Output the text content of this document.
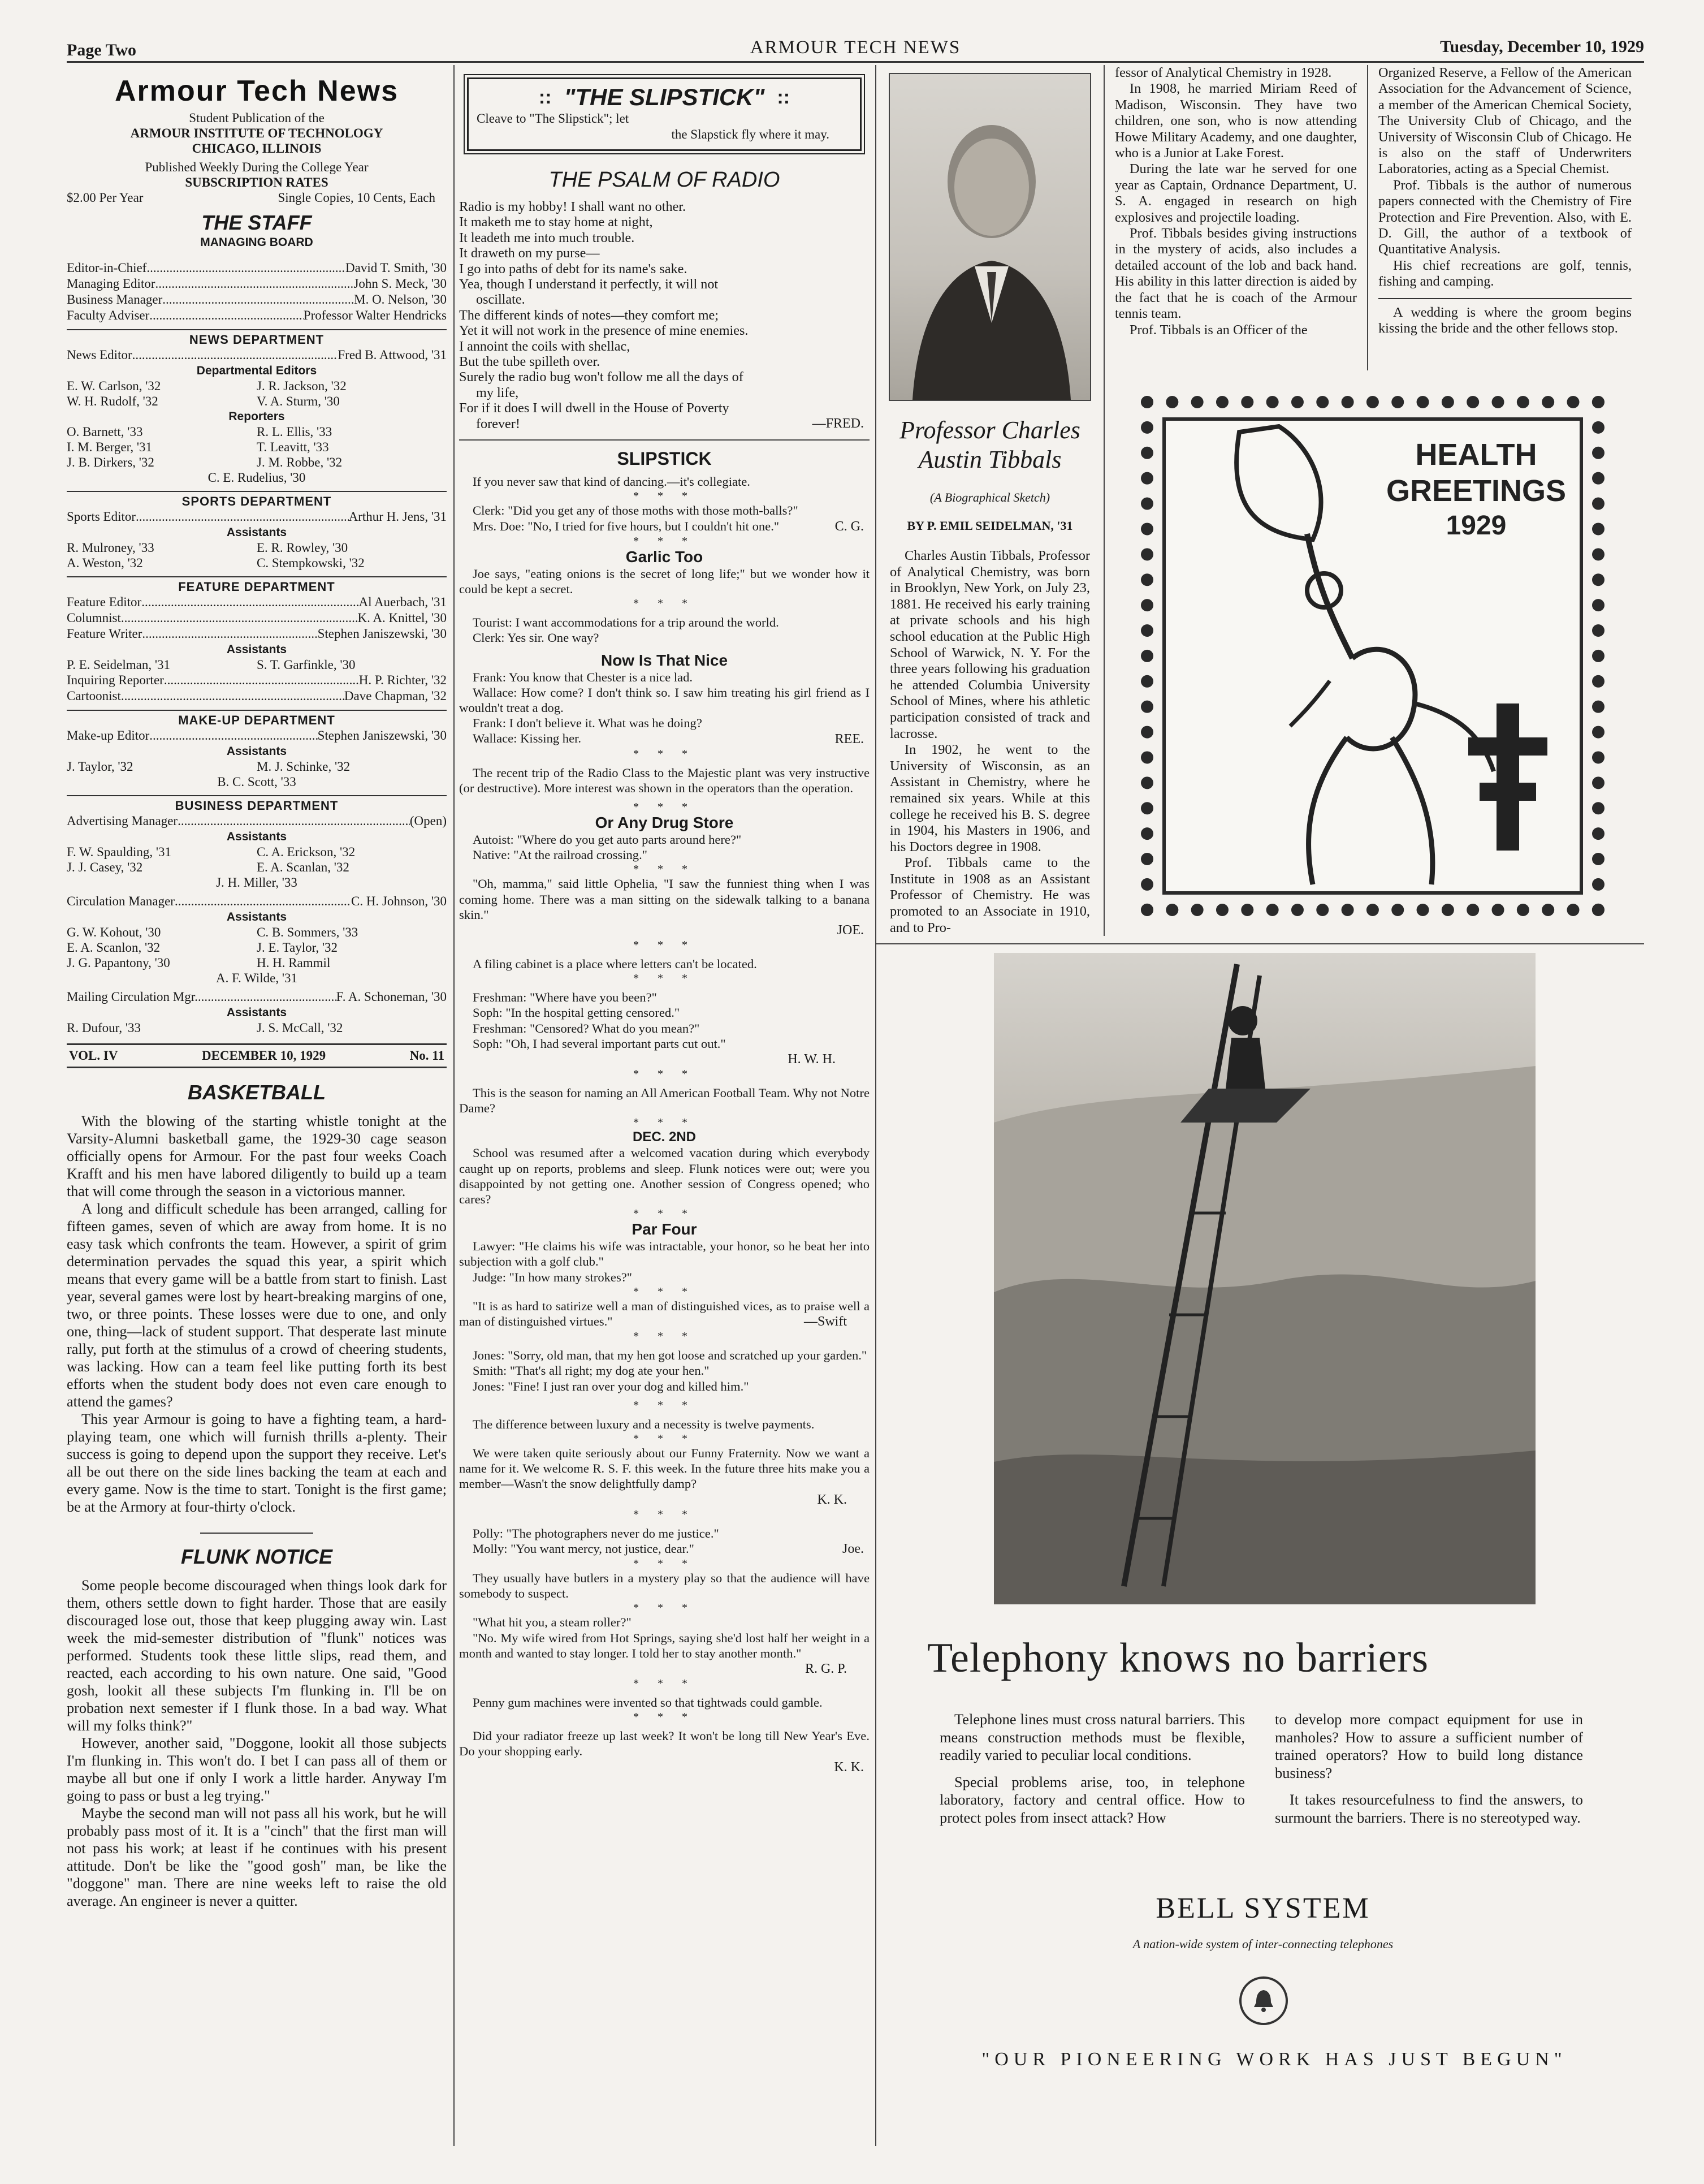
Page Two	ARMOUR TECH NEWS	Tuesday, December 10, 1929
Armour Tech News
Student Publication of the
ARMOUR INSTITUTE OF TECHNOLOGY
CHICAGO, ILLINOIS
Published Weekly During the College Year
SUBSCRIPTION RATES
$2.00 Per Year	Single Copies, 10 Cents, Each
THE STAFF
MANAGING BOARD
Editor-in-Chief .....	David T. Smith, '30
Managing Editor .....	John S. Meck, '30
Business Manager .....	M. O. Nelson, '30
Faculty Adviser .....	Professor Walter Hendricks
NEWS DEPARTMENT
News Editor .....	Fred B. Attwood, '31
Departmental Editors
E. W. Carlson, '32	J. R. Jackson, '32
W. H. Rudolf, '32	V. A. Sturm, '30
Reporters
O. Barnett, '33	R. L. Ellis, '33
I. M. Berger, '31	T. Leavitt, '33
J. B. Dirkers, '32	J. M. Robbe, '32
C. E. Rudelius, '30
SPORTS DEPARTMENT
Sports Editor .....	Arthur H. Jens, '31
Assistants
R. Mulroney, '33	E. R. Rowley, '30
A. Weston, '32	C. Stempkowski, '32
FEATURE DEPARTMENT
Feature Editor .....	Al Auerbach, '31
Columnist .....	K. A. Knittel, '30
Feature Writer .....	Stephen Janiszewski, '30
Assistants
P. E. Seidelman, '31	S. T. Garfinkle, '30
Inquiring Reporter .....	H. P. Richter, '32
Cartoonist .....	Dave Chapman, '32
MAKE-UP DEPARTMENT
Make-up Editor .....	Stephen Janiszewski, '30
Assistants
J. Taylor, '32	M. J. Schinke, '32
B. C. Scott, '33
BUSINESS DEPARTMENT
Advertising Manager .....	(Open)
Assistants
F. W. Spaulding, '31	C. A. Erickson, '32
J. J. Casey, '32	E. A. Scanlan, '32
J. H. Miller, '33
Circulation Manager .....	C. H. Johnson, '30
Assistants
G. W. Kohout, '30	C. B. Sommers, '33
E. A. Scanlon, '32	J. E. Taylor, '32
J. G. Papantony, '30	H. H. Rammil
A. F. Wilde, '31
Mailing Circulation Mgr. .....	F. A. Schoneman, '30
Assistants
R. Dufour, '33	J. S. McCall, '32
VOL. IV	DECEMBER 10, 1929	No. 11
BASKETBALL

With the blowing of the starting whistle tonight at the Varsity-Alumni basketball game, the 1929-30 cage season officially opens for Armour. For the past four weeks Coach Krafft and his men have labored diligently to build up a team that will come through the season in a victorious manner.

A long and difficult schedule has been arranged, calling for fifteen games, seven of which are away from home. It is no easy task which confronts the team. However, a spirit of grim determination pervades the squad this year, a spirit which means that every game will be a battle from start to finish. Last year, several games were lost by heart-breaking margins of one, two, or three points. These losses were due to one, and only one, thing—lack of student support. That desperate last minute rally, put forth at the stimulus of a crowd of cheering students, was lacking. How can a team feel like putting forth its best efforts when the student body does not even care enough to attend the games?

This year Armour is going to have a fighting team, a hard-playing team, one which will furnish thrills a-plenty. Their success is going to depend upon the support they receive. Let's all be out there on the side lines backing the team at each and every game. Now is the time to start. Tonight is the first game; be at the Armory at four-thirty o'clock.

FLUNK NOTICE

Some people become discouraged when things look dark for them, others settle down to fight harder. Those that are easily discouraged lose out, those that keep plugging away win. Last week the mid-semester distribution of "flunk" notices was performed. Students took these little slips, read them, and reacted, each according to his own nature. One said, "Good gosh, lookit all these subjects I'm flunking in. I'll be on probation next semester if I flunk those. In a bad way. What will my folks think?"

However, another said, "Doggone, lookit all those subjects I'm flunking in. This won't do. I bet I can pass all of them or maybe all but one if only I work a little harder. Anyway I'm going to pass or bust a leg trying."

Maybe the second man will not pass all his work, but he will probably pass most of it. It is a "cinch" that the first man will not pass his work; at least if he continues with his present attitude. Don't be like the "good gosh" man, be like the "doggone" man. There are nine weeks left to raise the old average. An engineer is never a quitter.

:: "THE SLIPSTICK" ::
Cleave to "The Slipstick"; let
the Slapstick fly where it may.
THE PSALM OF RADIO
Radio is my hobby! I shall want no other.
It maketh me to stay home at night,
It leadeth me into much trouble.
It draweth on my purse—
I go into paths of debt for its name's sake.
Yea, though I understand it perfectly, it will not
oscillate.
The different kinds of notes—they comfort me;
Yet it will not work in the presence of mine enemies.
I annoint the coils with shellac,
But the tube spilleth over.
Surely the radio bug won't follow me all the days of
my life,
For if it does I will dwell in the House of Poverty
forever!	—FRED.
SLIPSTICK

If you never saw that kind of dancing.—it's collegiate.

* * *

Clerk: "Did you get any of those moths with those moth-balls?"

Mrs. Doe: "No, I tried for five hours, but I couldn't hit one."	C. G.
* * *
Garlic Too

Joe says, "eating onions is the secret of long life;" but we wonder how it could be kept a secret.

* * *

Tourist: I want accommodations for a trip around the world.

Clerk: Yes sir. One way?

Now Is That Nice

Frank: You know that Chester is a nice lad.

Wallace: How come? I don't think so. I saw him treating his girl friend as I wouldn't treat a dog.

Frank: I don't believe it. What was he doing?

Wallace: Kissing her.	REE.
* * *

The recent trip of the Radio Class to the Majestic plant was very instructive (or destructive). More interest was shown in the operators than the operation.

* * *
Or Any Drug Store

Autoist: "Where do you get auto parts around here?"

Native: "At the railroad crossing."

* * *

"Oh, mamma," said little Ophelia, "I saw the funniest thing when I was coming home. There was a man sitting on the sidewalk talking to a banana skin."

JOE.
* * *

A filing cabinet is a place where letters can't be located.

* * *

Freshman: "Where have you been?"

Soph: "In the hospital getting censored."

Freshman: "Censored? What do you mean?"

Soph: "Oh, I had several important parts cut out."

H. W. H.
* * *

This is the season for naming an All American Football Team. Why not Notre Dame?

* * *
DEC. 2ND

School was resumed after a welcomed vacation during which everybody caught up on reports, problems and sleep. Flunk notices were out; were you disappointed by not getting one. Another session of Congress opened; who cares?

* * *
Par Four

Lawyer: "He claims his wife was intractable, your honor, so he beat her into subjection with a golf club."

Judge: "In how many strokes?"

* * *

"It is as hard to satirize well a man of distinguished vices, as to praise well a man of distinguished virtues."	—Swift
* * *

Jones: "Sorry, old man, that my hen got loose and scratched up your garden."

Smith: "That's all right; my dog ate your hen."

Jones: "Fine! I just ran over your dog and killed him."

* * *

The difference between luxury and a necessity is twelve payments.

* * *

We were taken quite seriously about our Funny Fraternity. Now we want a name for it. We welcome R. S. F. this week. In the future three hits make you a member—Wasn't the snow delightfully damp?

K. K.
* * *

Polly: "The photographers never do me justice."

Molly: "You want mercy, not justice, dear."	Joe.
* * *

They usually have butlers in a mystery play so that the audience will have somebody to suspect.

* * *

"What hit you, a steam roller?"

"No. My wife wired from Hot Springs, saying she'd lost half her weight in a month and wanted to stay longer. I told her to stay another month."

R. G. P.
* * *

Penny gum machines were invented so that tightwads could gamble.

* * *

Did your radiator freeze up last week? It won't be long till New Year's Eve. Do your shopping early.

K. K.
Professor Charles
Austin Tibbals
(A Biographical Sketch)
BY P. EMIL SEIDELMAN, '31

Charles Austin Tibbals, Professor of Analytical Chemistry, was born in Brooklyn, New York, on July 23, 1881. He received his early training at private schools and his high school education at the Public High School of Warwick, N. Y. For the three years following his graduation he attended Columbia University School of Mines, where his athletic participation consisted of track and lacrosse.

In 1902, he went to the University of Wisconsin, as an Assistant in Chemistry, where he remained six years. While at this college he received his B. S. degree in 1904, his Masters in 1906, and his Doctors degree in 1908.

Prof. Tibbals came to the Institute in 1908 as an Assistant Professor of Chemistry. He was promoted to an Associate in 1910, and to Pro-

fessor of Analytical Chemistry in 1928.

In 1908, he married Miriam Reed of Madison, Wisconsin. They have two children, one son, who is now attending Howe Military Academy, and one daughter, who is a Junior at Lake Forest.

During the late war he served for one year as Captain, Ordnance Department, U. S. A. engaged in research on high explosives and projectile loading.

Prof. Tibbals besides giving instructions in the mystery of acids, also includes a detailed account of the lob and back hand. His ability in this latter direction is aided by the fact that he is coach of the Armour tennis team.

Prof. Tibbals is an Officer of the

Organized Reserve, a Fellow of the American Association for the Advancement of Science, a member of the American Chemical Society, The University Club of Chicago, and the University of Wisconsin Club of Chicago. He is also on the staff of Underwriters Laboratories, acting as a Special Chemist.

Prof. Tibbals is the author of numerous papers connected with the Chemistry of Fire Protection and Fire Prevention. Also, with E. D. Gill, the author of a textbook of Quantitative Analysis.

His chief recreations are golf, tennis, fishing and camping.

A wedding is where the groom begins kissing the bride and the other fellows stop.

HEALTH
GREETINGS
1929
Telephony knows no barriers

Telephone lines must cross natural barriers. This means construction methods must be flexible, readily varied to peculiar local conditions.

Special problems arise, too, in telephone laboratory, factory and central office. How to protect poles from insect attack? How

to develop more compact equipment for use in manholes? How to assure a sufficient number of trained operators? How to build long distance business?

It takes resourcefulness to find the answers, to surmount the barriers. There is no stereotyped way.

BELL SYSTEM
A nation-wide system of inter-connecting telephones
"OUR PIONEERING WORK HAS JUST BEGUN"
